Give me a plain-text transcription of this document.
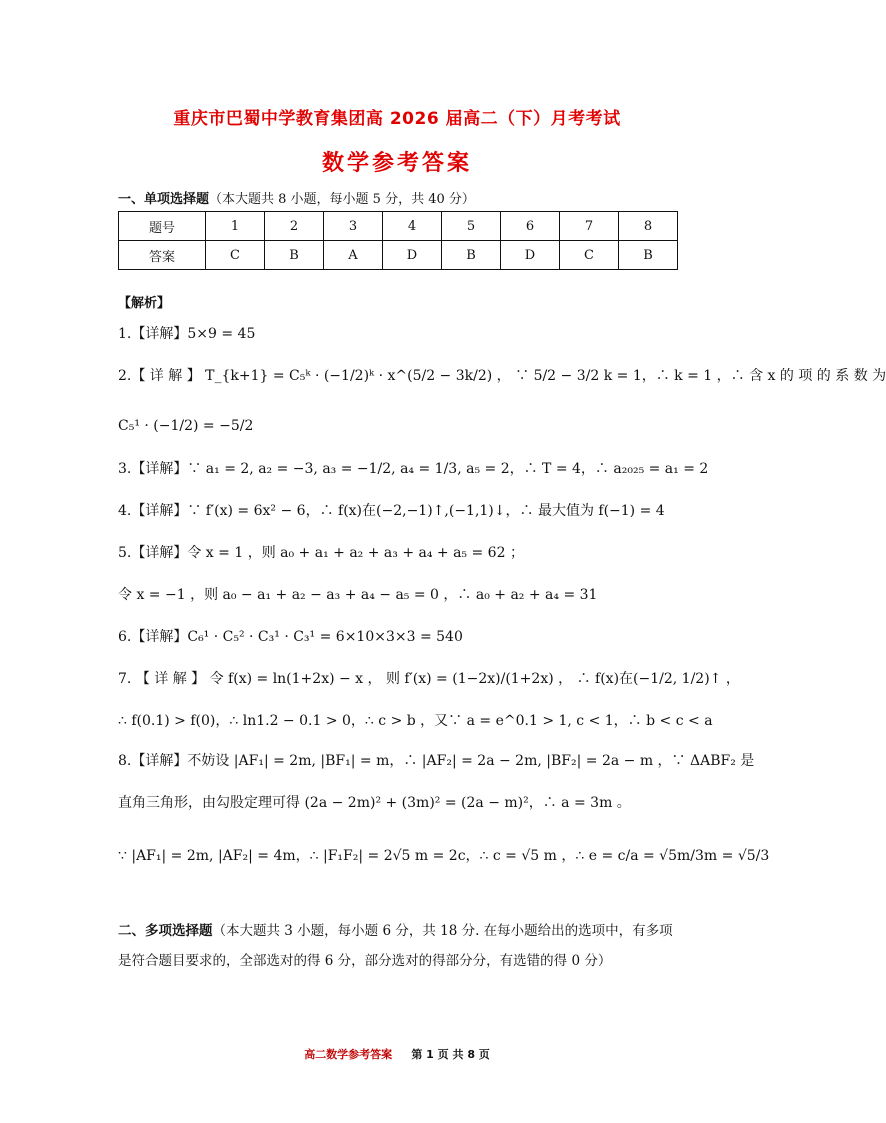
重庆市巴蜀中学教育集团高 2026 届高二（下）月考考试
数学参考答案
一、单项选择题（本大题共 8 小题，每小题 5 分，共 40 分）
题号	1	2	3	4	5	6	7	8
答案	C	B	A	D	B	D	C	B
【解析】
1.【详解】5×9 = 45
2.【 详 解 】 T_{k+1} = C₅ᵏ · (−1/2)ᵏ · x^(5/2 − 3k/2) ， ∵ 5/2 − 3/2 k = 1，∴ k = 1 ，∴ 含 x 的 项 的 系 数 为
C₅¹ · (−1/2) = −5/2
3.【详解】∵ a₁ = 2, a₂ = −3, a₃ = −1/2, a₄ = 1/3, a₅ = 2，∴ T = 4，∴ a₂₀₂₅ = a₁ = 2
4.【详解】∵ f′(x) = 6x² − 6，∴ f(x)在(−2,−1)↑,(−1,1)↓，∴ 最大值为 f(−1) = 4
5.【详解】令 x = 1 ，则 a₀ + a₁ + a₂ + a₃ + a₄ + a₅ = 62 ；
令 x = −1 ，则 a₀ − a₁ + a₂ − a₃ + a₄ − a₅ = 0 ，∴ a₀ + a₂ + a₄ = 31
6.【详解】C₆¹ · C₅² · C₃¹ · C₃¹ = 6×10×3×3 = 540
7. 【 详 解 】 令 f(x) = ln(1+2x) − x ， 则 f′(x) = (1−2x)/(1+2x) ， ∴ f(x)在(−1/2, 1/2)↑ ，
∴ f(0.1) > f(0)，∴ ln1.2 − 0.1 > 0，∴ c > b ，又∵ a = e^0.1 > 1, c < 1，∴ b < c < a
8.【详解】不妨设 |AF₁| = 2m, |BF₁| = m，∴ |AF₂| = 2a − 2m, |BF₂| = 2a − m ，∵ ΔABF₂ 是
直角三角形，由勾股定理可得 (2a − 2m)² + (3m)² = (2a − m)²，∴ a = 3m 。
∵ |AF₁| = 2m, |AF₂| = 4m，∴ |F₁F₂| = 2√5 m = 2c，∴ c = √5 m ，∴ e = c/a = √5m/3m = √5/3
二、多项选择题（本大题共 3 小题，每小题 6 分，共 18 分. 在每小题给出的选项中，有多项是符合题目要求的，全部选对的得 6 分，部分选对的得部分分，有选错的得 0 分）
高二数学参考答案 第 1 页 共 8 页
